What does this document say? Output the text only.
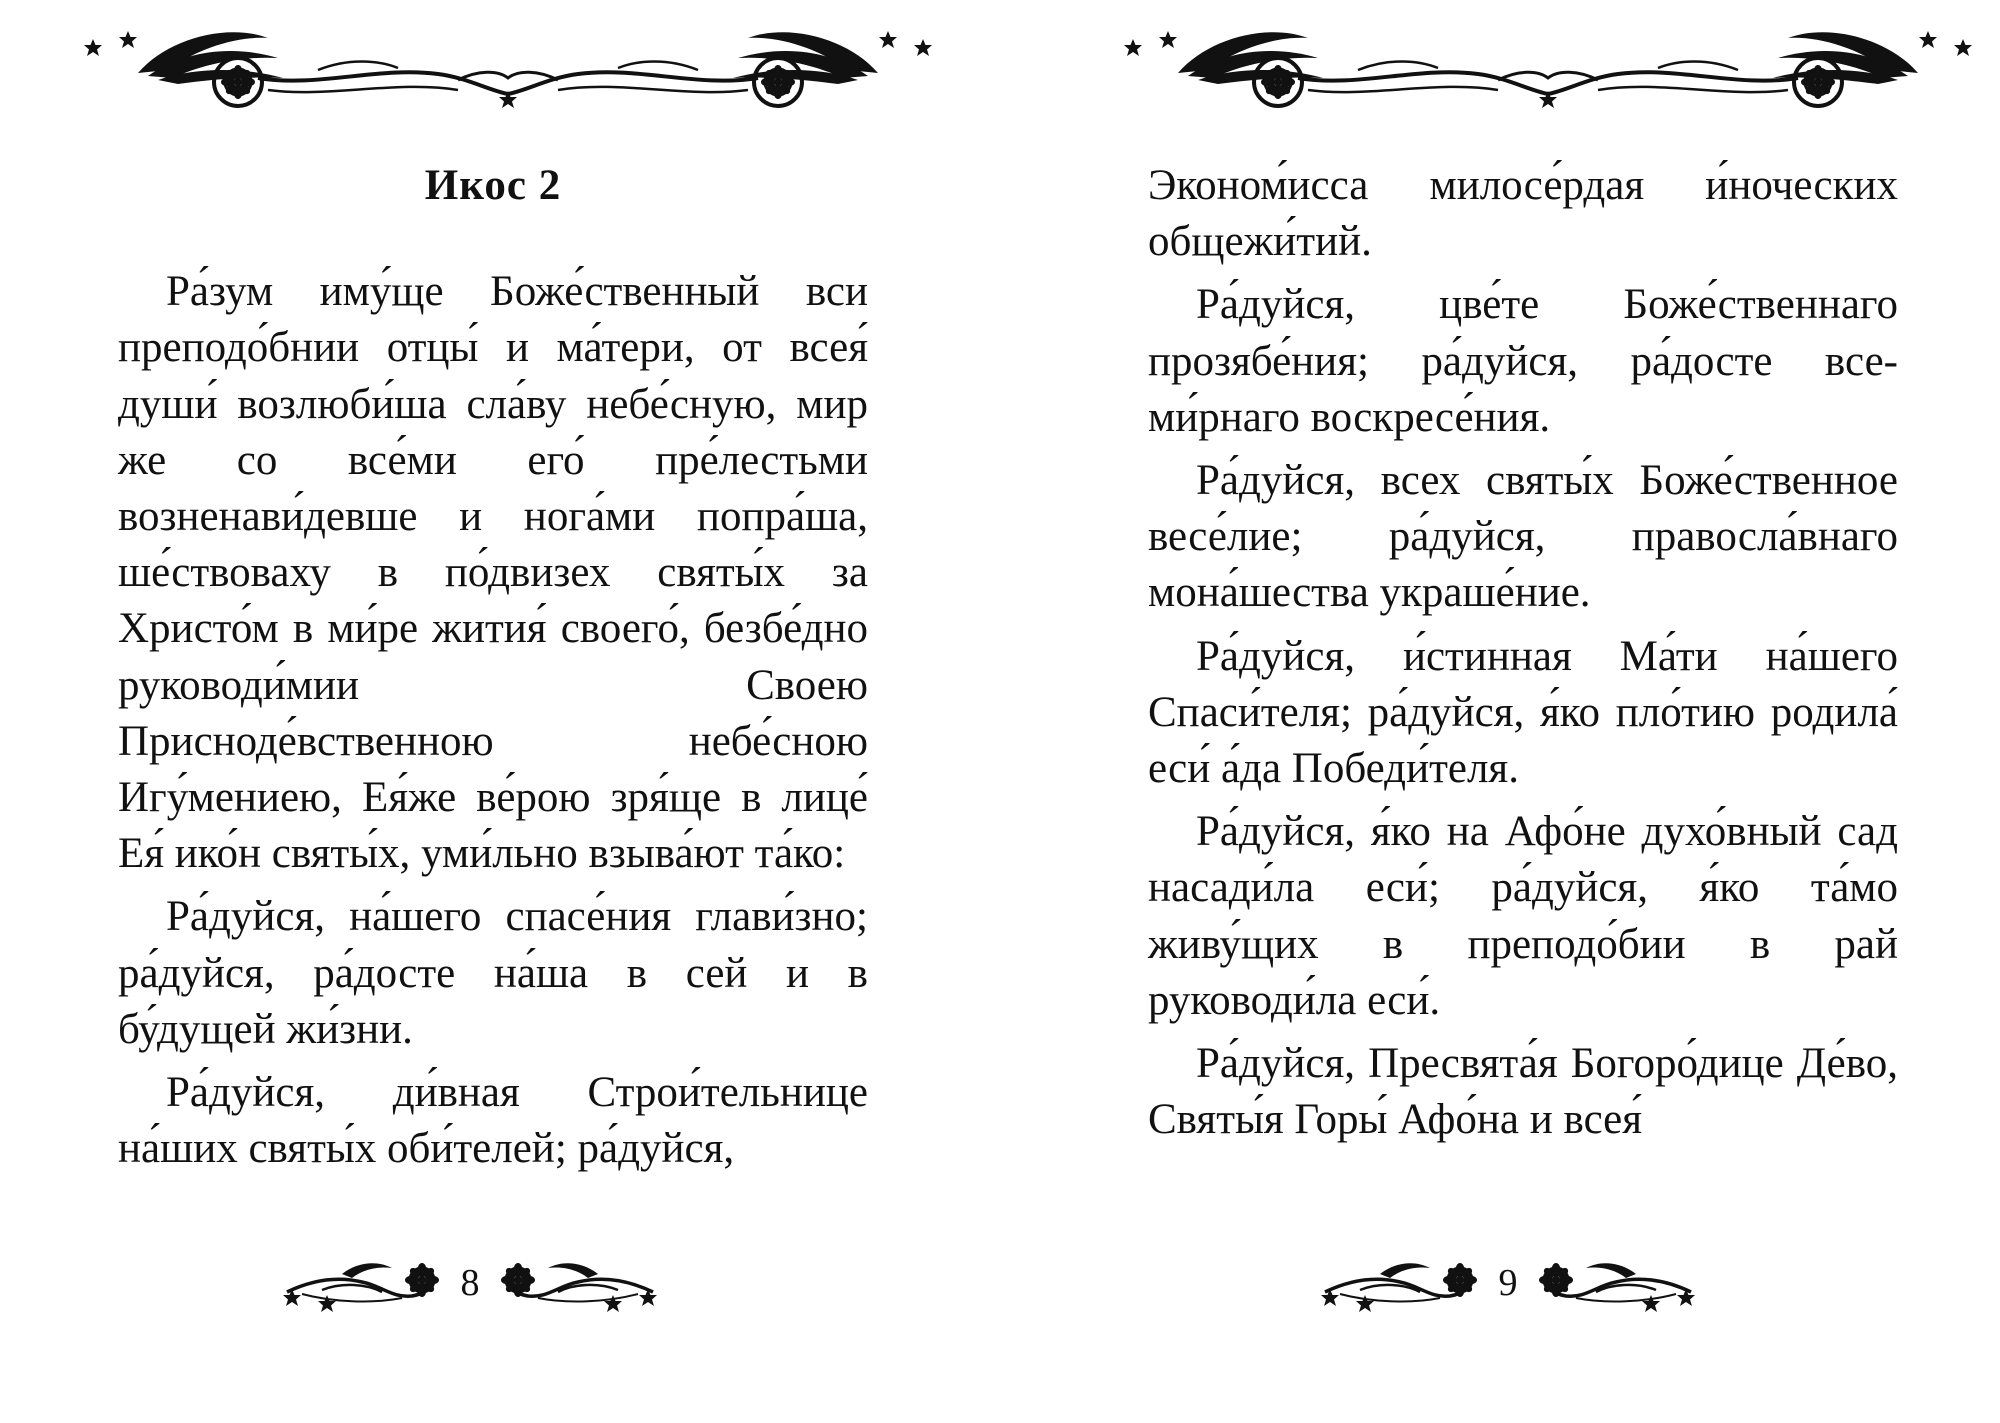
Икос 2

Ра́зум иму́ще Боже́ственный вси преподо́бнии отцы́ и ма́тери, от всея́ души́ возлюби́ша сла́ву небе́сную, мир же со все́ми его́ пре́лестьми возненави́девше и нога́ми попра́ша, ше́ствоваху в по́двизех святы́х за Христо́м в ми́ре жития́ своего́, безбе́дно руководи́мии Своею Присноде́вственною небе́сною Игу́мениею, Ея́же ве́рою зря́ще в лице́ Ея́ ико́н святы́х, уми́льно взыва́ют та́ко:

Ра́дуйся, на́шего спасе́ния глави́зно; ра́дуйся, ра́досте на́ша в сей и в бу́дущей жи́зни.

Ра́дуйся, ди́вная Строи́тельнице на́ших святы́х оби́телей; ра́дуйся,

8

Эконом́исса милосе́рдая и́ноческих общежи́тий.

Ра́дуйся, цве́те Боже́ственнаго прозябе́ния; ра́дуйся, ра́досте всеми́рнаго воскресе́ния.

Ра́дуйся, всех святы́х Боже́ственное весе́лие; ра́дуйся, правосла́внаго мона́шества украше́ние.

Ра́дуйся, и́стинная Ма́ти на́шего Спаси́теля; ра́дуйся, я́ко пло́тию родила́ еси́ а́да Победи́теля.

Ра́дуйся, я́ко на Афо́не духо́вный сад насади́ла еси́; ра́дуйся, я́ко та́мо живу́щих в преподо́бии в рай руководи́ла еси́.

Ра́дуйся, Пресвята́я Богоро́дице Де́во, Святы́я Горы́ Афо́на и всея́

9
